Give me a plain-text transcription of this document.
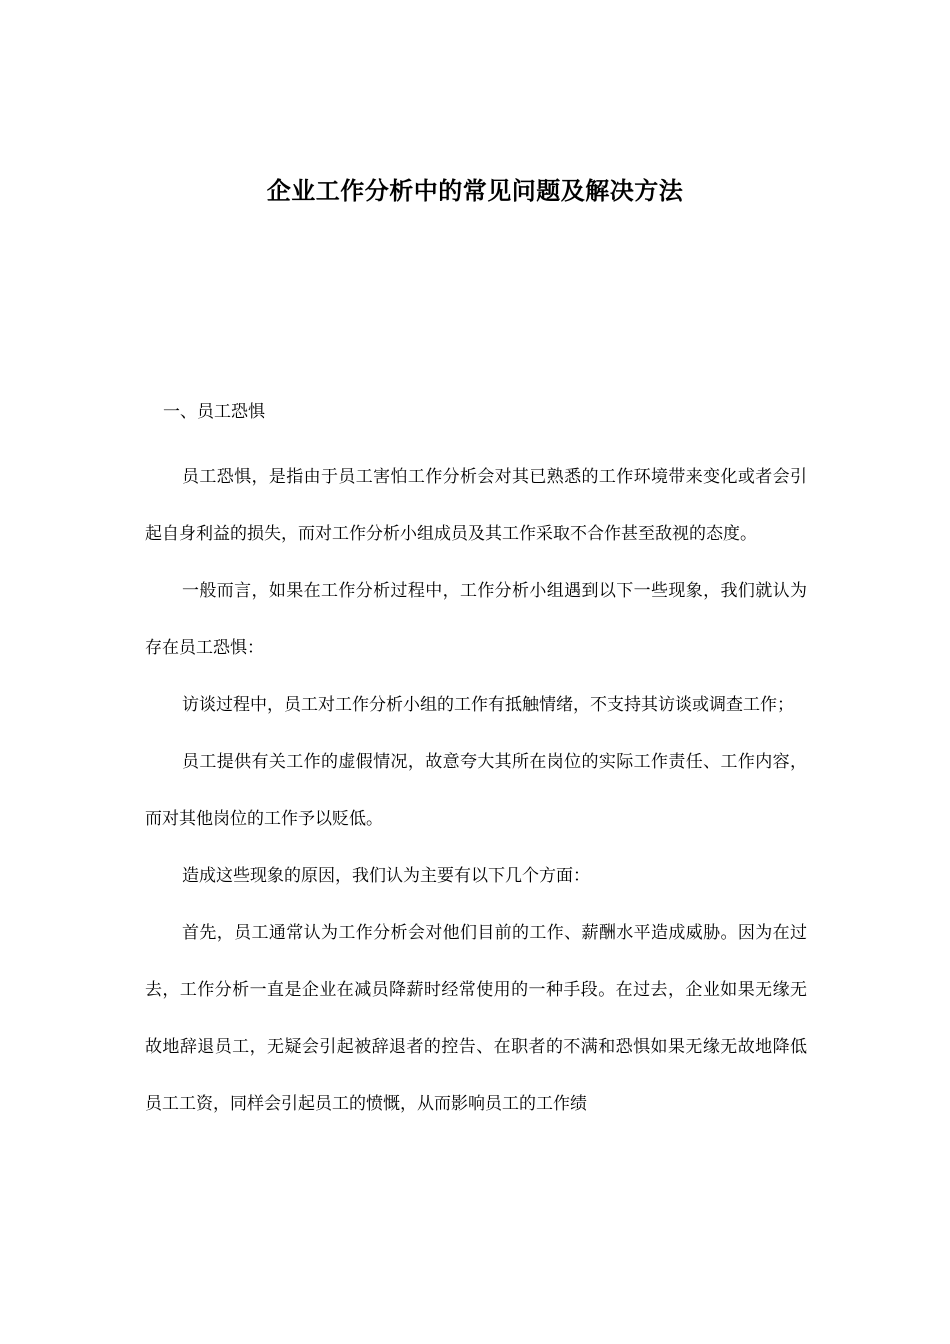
企业工作分析中的常见问题及解决方法

一、员工恐惧

员工恐惧，是指由于员工害怕工作分析会对其已熟悉的工作环境带来变化或者会引起自身利益的损失，而对工作分析小组成员及其工作采取不合作甚至敌视的态度。

一般而言，如果在工作分析过程中，工作分析小组遇到以下一些现象，我们就认为存在员工恐惧：

访谈过程中，员工对工作分析小组的工作有抵触情绪，不支持其访谈或调查工作；

员工提供有关工作的虚假情况，故意夸大其所在岗位的实际工作责任、工作内容，而对其他岗位的工作予以贬低。

造成这些现象的原因，我们认为主要有以下几个方面：

首先，员工通常认为工作分析会对他们目前的工作、薪酬水平造成威胁。因为在过去，工作分析一直是企业在减员降薪时经常使用的一种手段。在过去，企业如果无缘无故地辞退员工，无疑会引起被辞退者的控告、在职者的不满和恐惧如果无缘无故地降低员工工资，同样会引起员工的愤慨，从而影响员工的工作绩
